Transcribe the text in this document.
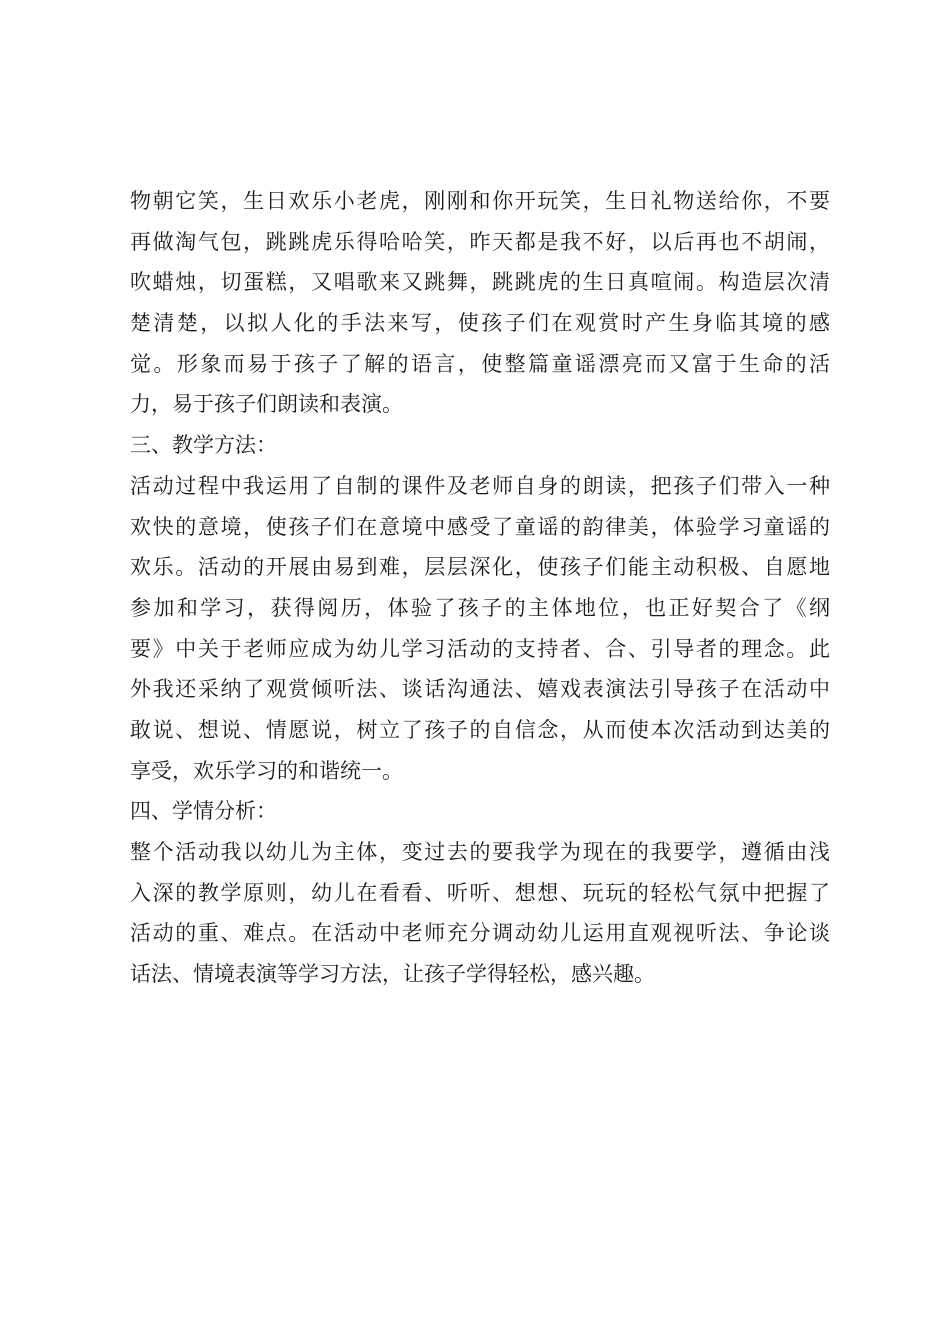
物朝它笑，生日欢乐小老虎，刚刚和你开玩笑，生日礼物送给你，不要
再做淘气包，跳跳虎乐得哈哈笑，昨天都是我不好，以后再也不胡闹，
吹蜡烛，切蛋糕，又唱歌来又跳舞，跳跳虎的生日真喧闹。构造层次清
楚清楚，以拟人化的手法来写，使孩子们在观赏时产生身临其境的感
觉。形象而易于孩子了解的语言，使整篇童谣漂亮而又富于生命的活
力，易于孩子们朗读和表演。
三、教学方法：
活动过程中我运用了自制的课件及老师自身的朗读，把孩子们带入一种
欢快的意境，使孩子们在意境中感受了童谣的韵律美，体验学习童谣的
欢乐。活动的开展由易到难，层层深化，使孩子们能主动积极、自愿地
参加和学习，获得阅历，体验了孩子的主体地位，也正好契合了《纲
要》中关于老师应成为幼儿学习活动的支持者、合、引导者的理念。此
外我还采纳了观赏倾听法、谈话沟通法、嬉戏表演法引导孩子在活动中
敢说、想说、情愿说，树立了孩子的自信念，从而使本次活动到达美的
享受，欢乐学习的和谐统一。
四、学情分析：
整个活动我以幼儿为主体，变过去的要我学为现在的我要学，遵循由浅
入深的教学原则，幼儿在看看、听听、想想、玩玩的轻松气氛中把握了
活动的重、难点。在活动中老师充分调动幼儿运用直观视听法、争论谈
话法、情境表演等学习方法，让孩子学得轻松，感兴趣。
